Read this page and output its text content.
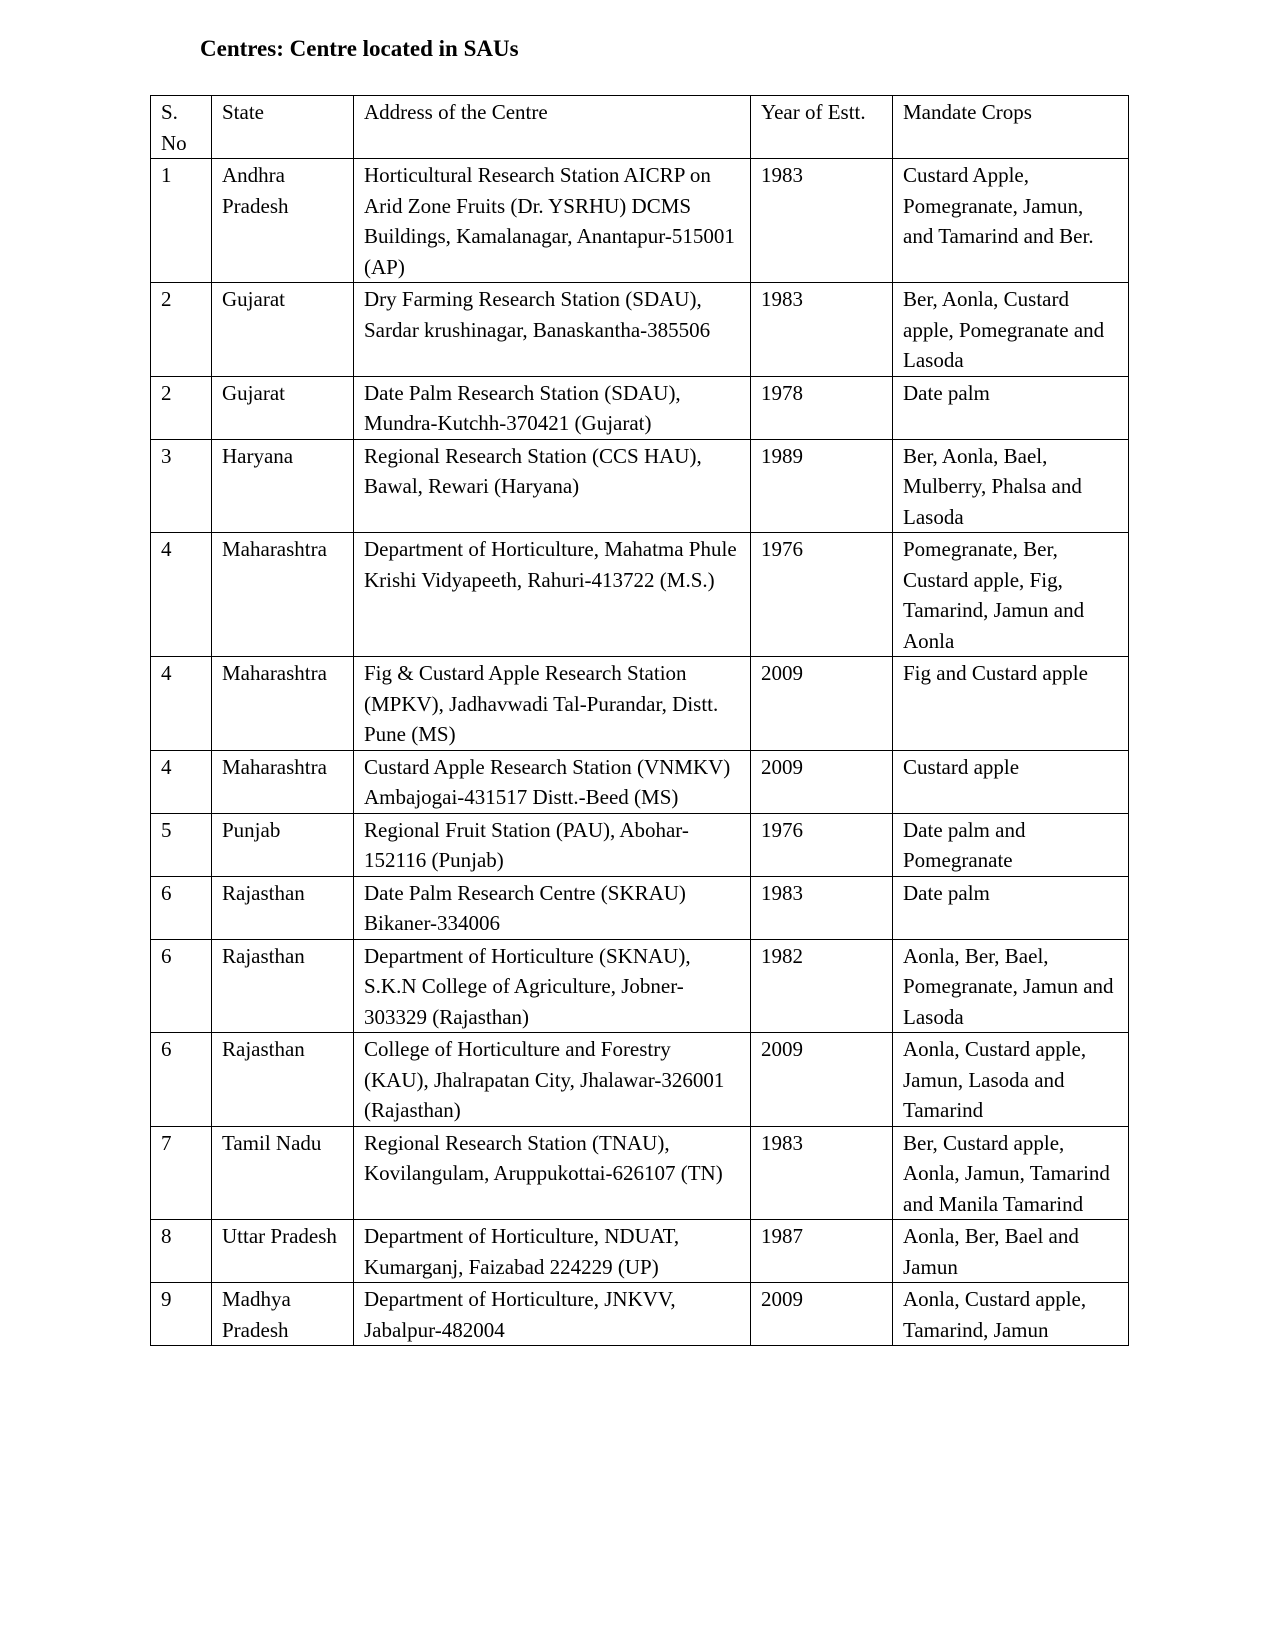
Centres: Centre located in SAUs
S. No	State	Address of the Centre	Year of Estt.	Mandate Crops
1	Andhra Pradesh	Horticultural Research Station AICRP on Arid Zone Fruits (Dr. YSRHU) DCMS Buildings, Kamalanagar, Anantapur-515001 (AP)	1983	Custard Apple, Pomegranate, Jamun, and Tamarind and Ber.
2	Gujarat	Dry Farming Research Station (SDAU), Sardar krushinagar, Banaskantha-385506	1983	Ber, Aonla, Custard apple, Pomegranate and Lasoda
2	Gujarat	Date Palm Research Station (SDAU), Mundra-Kutchh-370421 (Gujarat)	1978	Date palm
3	Haryana	Regional Research Station (CCS HAU), Bawal, Rewari (Haryana)	1989	Ber, Aonla, Bael, Mulberry, Phalsa and Lasoda
4	Maharashtra	Department of Horticulture, Mahatma Phule Krishi Vidyapeeth, Rahuri-413722 (M.S.)	1976	Pomegranate, Ber, Custard apple, Fig, Tamarind, Jamun and Aonla
4	Maharashtra	Fig & Custard Apple Research Station (MPKV), Jadhavwadi Tal-Purandar, Distt. Pune (MS)	2009	Fig and Custard apple
4	Maharashtra	Custard Apple Research Station (VNMKV) Ambajogai-431517 Distt.-Beed (MS)	2009	Custard apple
5	Punjab	Regional Fruit Station (PAU), Abohar-152116 (Punjab)	1976	Date palm and Pomegranate
6	Rajasthan	Date Palm Research Centre (SKRAU) Bikaner-334006	1983	Date palm
6	Rajasthan	Department of Horticulture (SKNAU), S.K.N College of Agriculture, Jobner-303329 (Rajasthan)	1982	Aonla, Ber, Bael, Pomegranate, Jamun and Lasoda
6	Rajasthan	College of Horticulture and Forestry (KAU), Jhalrapatan City, Jhalawar-326001 (Rajasthan)	2009	Aonla, Custard apple, Jamun, Lasoda and Tamarind
7	Tamil Nadu	Regional Research Station (TNAU), Kovilangulam, Aruppukottai-626107 (TN)	1983	Ber, Custard apple, Aonla, Jamun, Tamarind and Manila Tamarind
8	Uttar Pradesh	Department of Horticulture, NDUAT, Kumarganj, Faizabad 224229 (UP)	1987	Aonla, Ber, Bael and Jamun
9	Madhya Pradesh	Department of Horticulture, JNKVV, Jabalpur-482004	2009	Aonla, Custard apple, Tamarind, Jamun
